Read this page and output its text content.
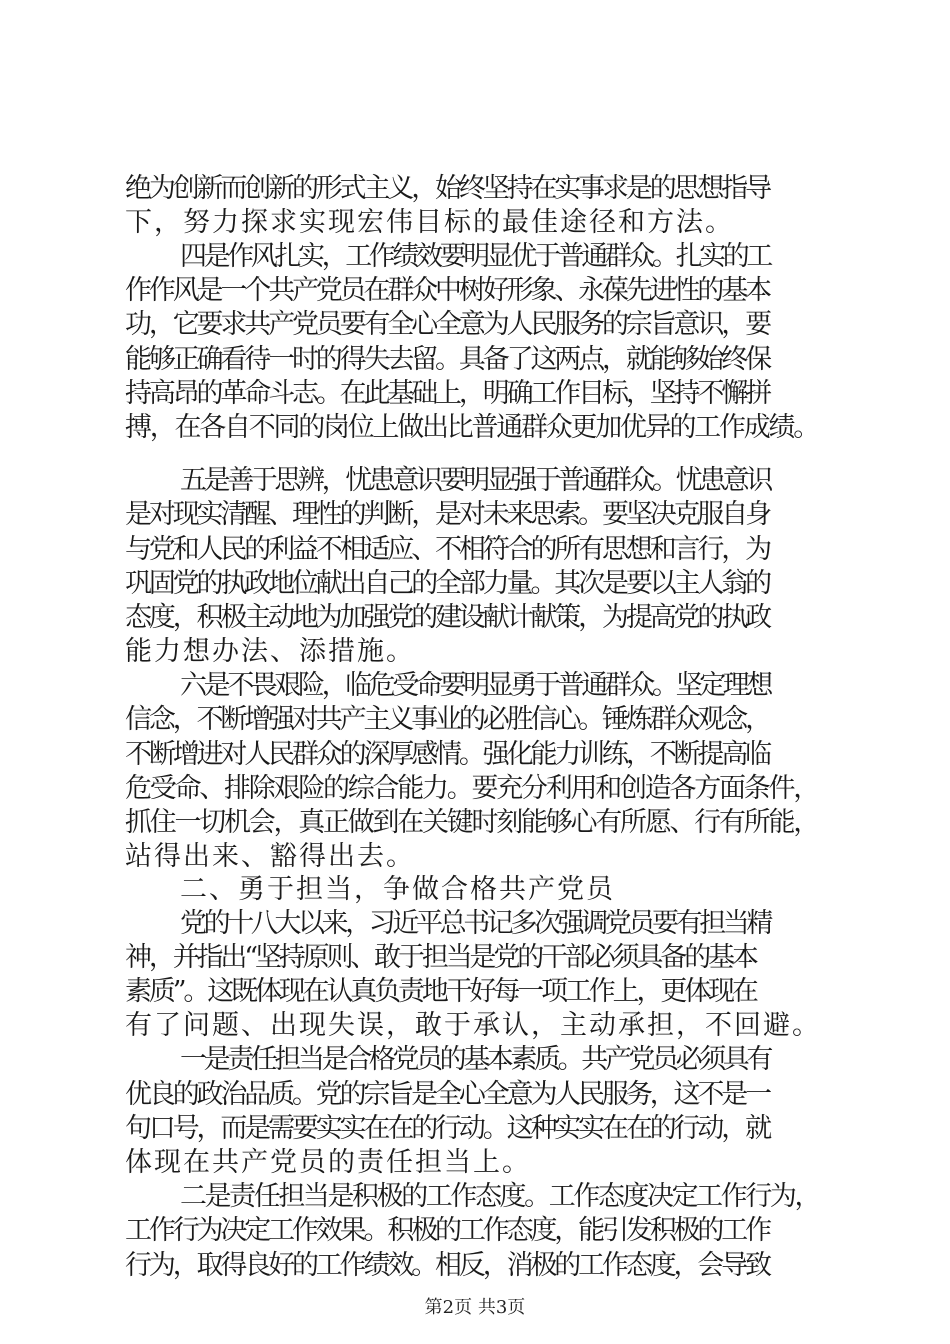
绝为创新而创新的形式主义，始终坚持在实事求是的思想指导
下，努力探求实现宏伟目标的最佳途径和方法。
四是作风扎实，工作绩效要明显优于普通群众。扎实的工
作作风是一个共产党员在群众中树好形象、永葆先进性的基本
功，它要求共产党员要有全心全意为人民服务的宗旨意识，要
能够正确看待一时的得失去留。具备了这两点，就能够始终保
持高昂的革命斗志。在此基础上，明确工作目标，坚持不懈拼
搏，在各自不同的岗位上做出比普通群众更加优异的工作成绩。
五是善于思辨，忧患意识要明显强于普通群众。忧患意识
是对现实清醒、理性的判断，是对未来思索。要坚决克服自身
与党和人民的利益不相适应、不相符合的所有思想和言行，为
巩固党的执政地位献出自己的全部力量。其次是要以主人翁的
态度，积极主动地为加强党的建设献计献策，为提高党的执政
能力想办法、添措施。
六是不畏艰险，临危受命要明显勇于普通群众。坚定理想
信念，不断增强对共产主义事业的必胜信心。锤炼群众观念，
不断增进对人民群众的深厚感情。强化能力训练，不断提高临
危受命、排除艰险的综合能力。要充分利用和创造各方面条件，
抓住一切机会，真正做到在关键时刻能够心有所愿、行有所能，
站得出来、豁得出去。
二、勇于担当，争做合格共产党员
党的十八大以来，习近平总书记多次强调党员要有担当精
神，并指出“坚持原则、敢于担当是党的干部必须具备的基本
素质”。这既体现在认真负责地干好每一项工作上，更体现在
有了问题、出现失误，敢于承认，主动承担，不回避。
一是责任担当是合格党员的基本素质。共产党员必须具有
优良的政治品质。党的宗旨是全心全意为人民服务，这不是一
句口号，而是需要实实在在的行动。这种实实在在的行动，就
体现在共产党员的责任担当上。
二是责任担当是积极的工作态度。工作态度决定工作行为，
工作行为决定工作效果。积极的工作态度，能引发积极的工作
行为，取得良好的工作绩效。相反，消极的工作态度，会导致
第2页 共3页
